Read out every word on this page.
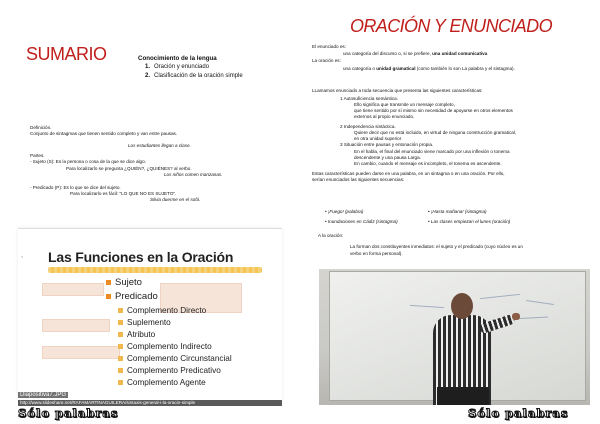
SUMARIO	Conocimiento de la lengua
1. Oración y enunciado
2. Clasificación de la oración simple
Definición.
Conjunto de sintagmas que tienen sentido completo y van entre pausas.
Los estudiantes llegan a clase.
Partes.
- Sujeto (S): Es la persona o cosa de la que se dice algo.
Para localizarlo se pregunta ¿QUIÉN?, ¿QUIÉNES? al verbo.
Los niños comen manzanas.
- Predicado (P): Es lo que se dice del sujeto.
Para localizarlo es fácil: "LO QUE NO ES SUJETO".
Silvia duerme en el sofá.
` Las Funciones en la Oración
Sujeto
Predicado
Complemento Directo
Suplemento
Atributo
Complemento Indirecto
Complemento Circunstancial
Complemento Predicativo
Complemento Agente
Diapositiva7.JPG
http://www.slideshare.net/RAFAMARTINAGUILERA/sintaxis-general-i-la-oracin-simple
Sólo palabras
ORACIÓN Y ENUNCIADO
El enunciado es:
una categoría del discurso o, si se prefiere, una unidad comunicativa
La oración es:
una categoría o unidad gramatical (como también lo son La palabra y el sintagma).
LLamamos enunciado a toda secuencia que presenta las siguientes características:
1 Autosuficiencia semántica.
Ello significa que transmite un mensaje completo,
que tiene sentido por sí mismo sin necesidad de apoyarse en otros elementos
externos al propio enunciado.
2 Independencia sintáctica.
Quiere decir que no está incluido, en virtud de ninguna construcción gramatical,
en otra unidad superior
3 Situación entre pausas y entonación propia.
En el habla, el final del enunciado viene marcado por una inflexión o tonema
descendente y una pausa Larga.
En cambio, cuando el mensaje es incompleto, el tonema es ascendente.
Estas características pueden darse en una palabra, en un sintagma o en una oración. Por ello,
serían enunciados las siguientes secuencias:
• ¡Fuego! (palabra)	• ¡Hasta mañana! (sintagma)
• Inundaciones en Cádiz (sintagma)	• Las clases empiezan el lunes (oración)
A la oración:
La forman dos constituyentes inmediatos: el sujeto y el predicado (cuyo núcleo es un
verbo en forma personal).
Sólo palabras
